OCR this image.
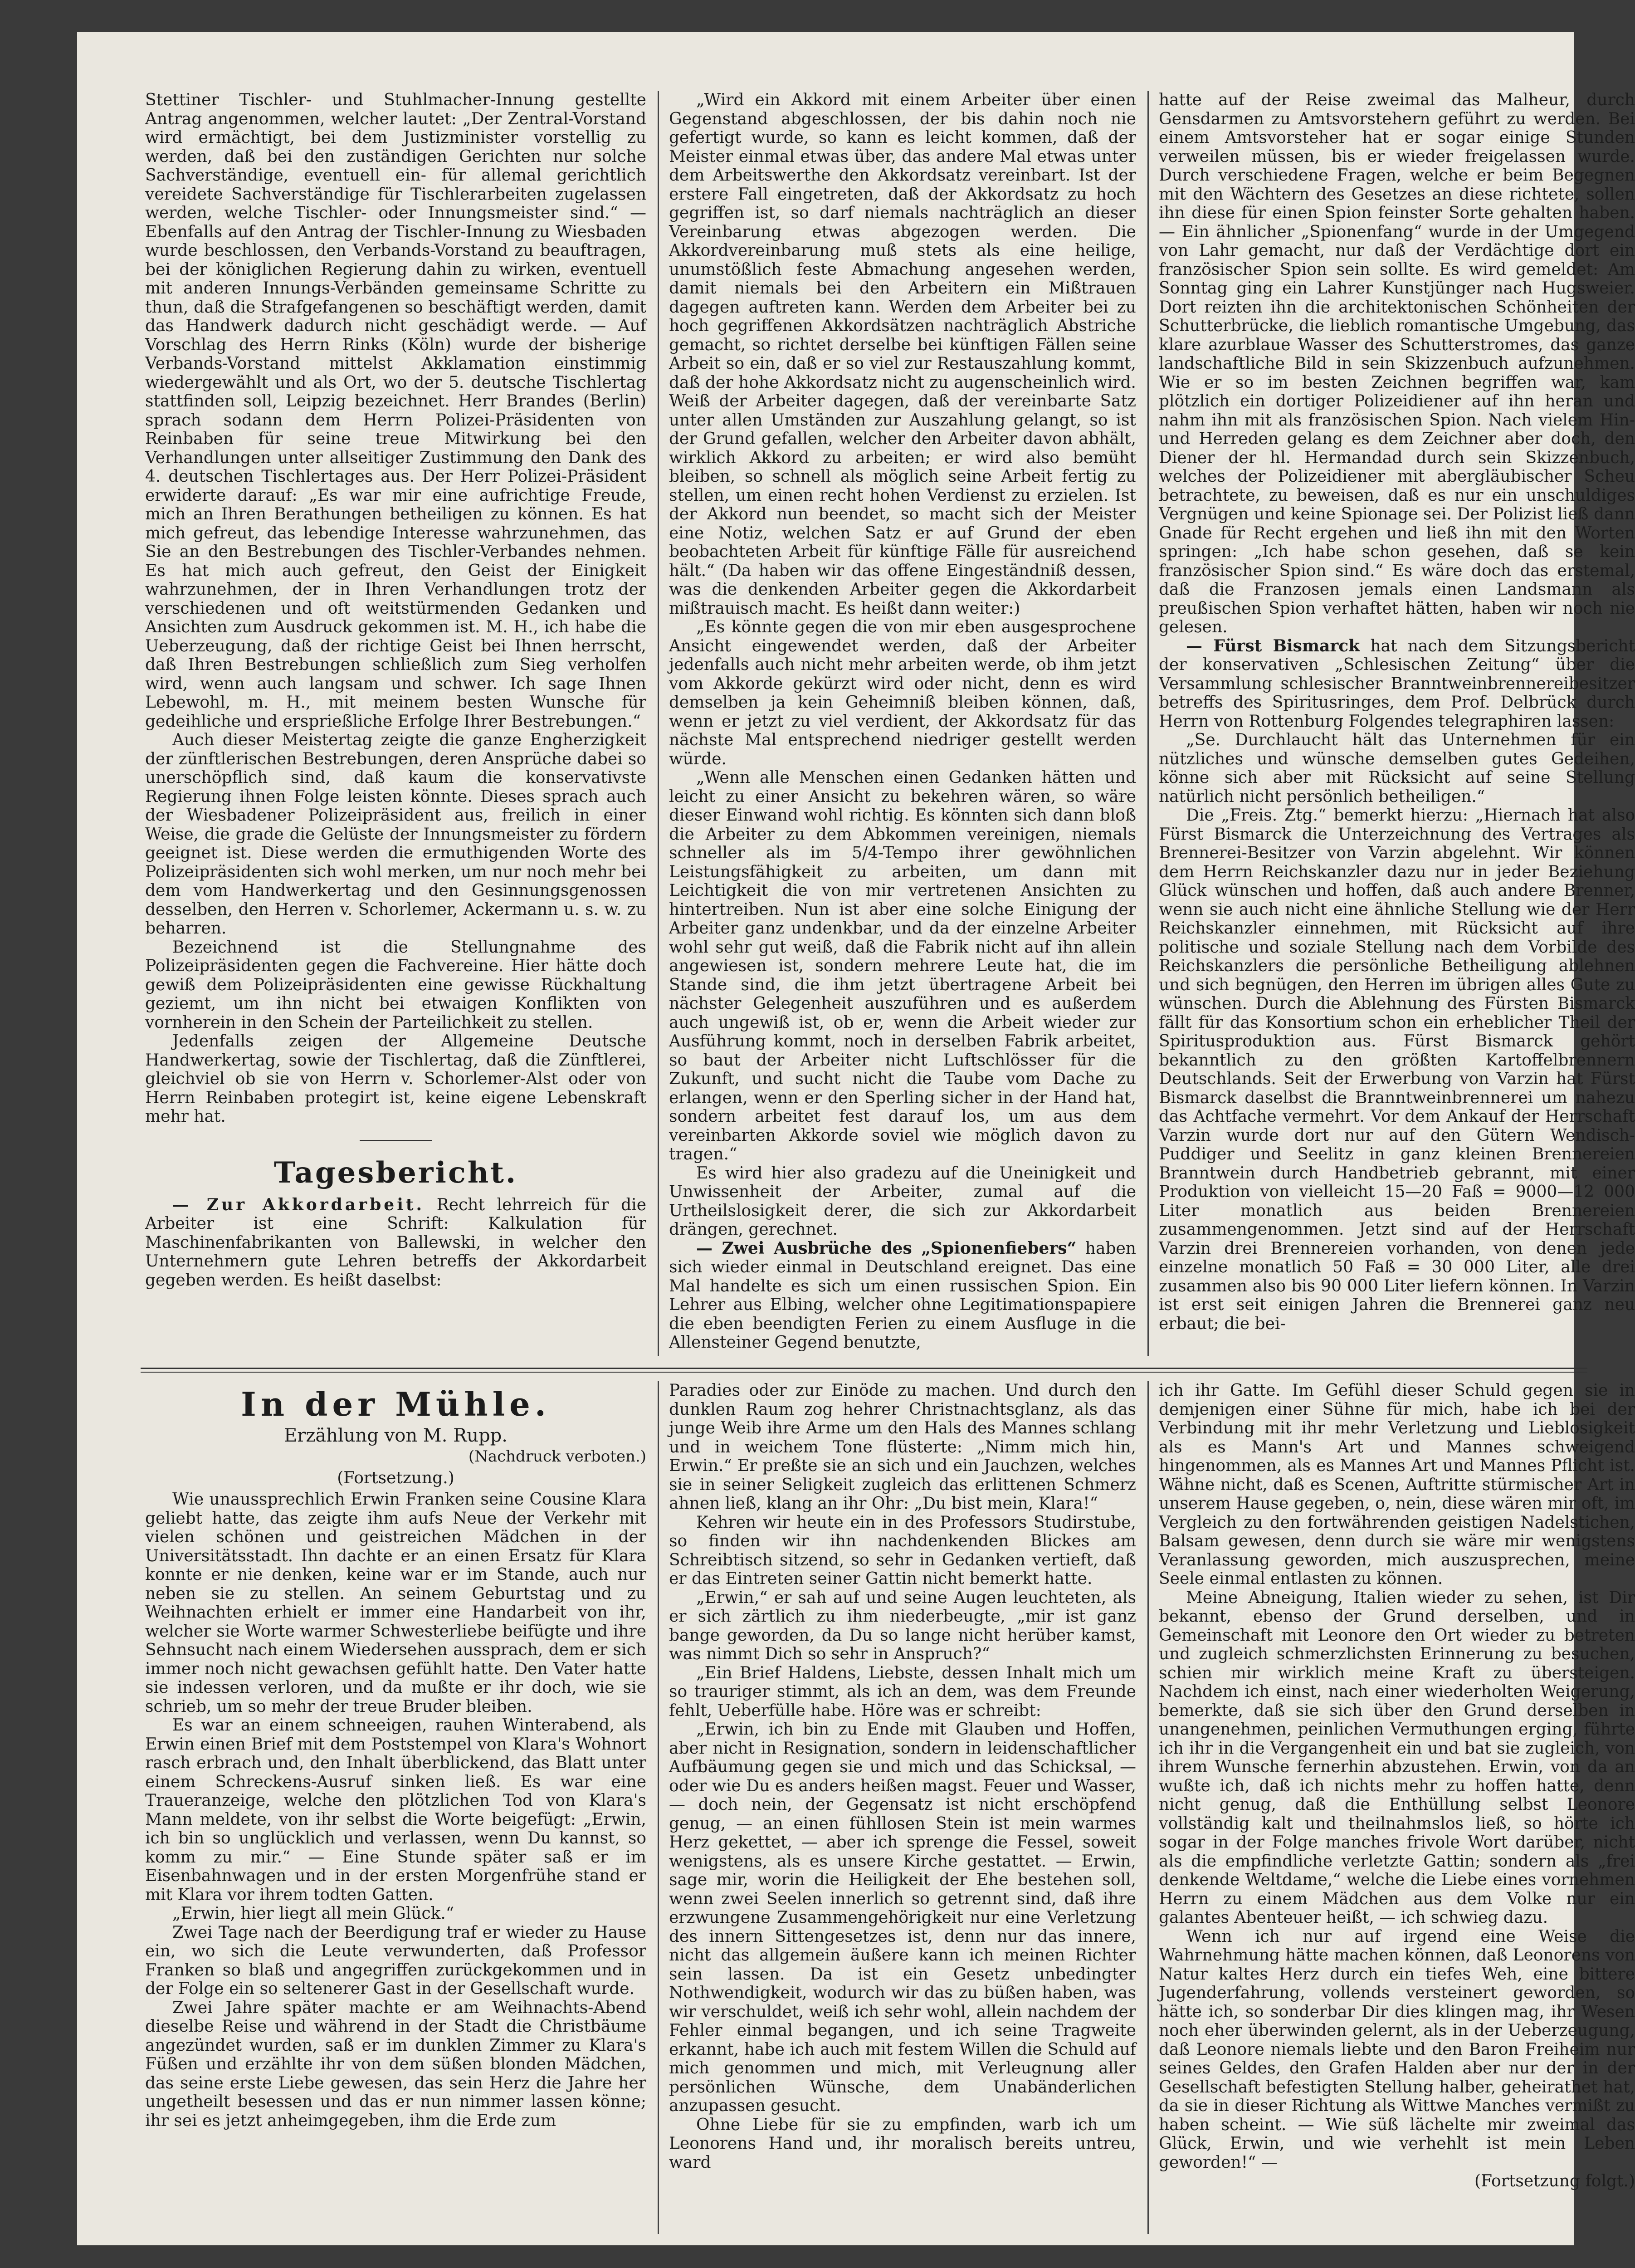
Stettiner Tischler- und Stuhlmacher-Innung gestellte Antrag angenommen, welcher lautet: „Der Zentral-Vorstand wird ermächtigt, bei dem Justizminister vorstellig zu werden, daß bei den zuständigen Gerichten nur solche Sachverständige, eventuell ein- für allemal gerichtlich vereidete Sachverständige für Tischlerarbeiten zugelassen werden, welche Tischler- oder Innungsmeister sind.“ — Ebenfalls auf den Antrag der Tischler-Innung zu Wiesbaden wurde beschlossen, den Verbands-Vorstand zu beauftragen, bei der königlichen Regierung dahin zu wirken, eventuell mit anderen Innungs-Verbänden gemeinsame Schritte zu thun, daß die Strafgefangenen so beschäftigt werden, damit das Handwerk dadurch nicht geschädigt werde. — Auf Vorschlag des Herrn Rinks (Köln) wurde der bisherige Verbands-Vorstand mittelst Akklamation einstimmig wiedergewählt und als Ort, wo der 5. deutsche Tischlertag stattfinden soll, Leipzig bezeichnet. Herr Brandes (Berlin) sprach sodann dem Herrn Polizei-Präsidenten von Reinbaben für seine treue Mitwirkung bei den Verhandlungen unter allseitiger Zustimmung den Dank des 4. deutschen Tischlertages aus. Der Herr Polizei-Präsident erwiderte darauf: „Es war mir eine aufrichtige Freude, mich an Ihren Berathungen betheiligen zu können. Es hat mich gefreut, das lebendige Interesse wahrzunehmen, das Sie an den Bestrebungen des Tischler-Verbandes nehmen. Es hat mich auch gefreut, den Geist der Einigkeit wahrzunehmen, der in Ihren Verhandlungen trotz der verschiedenen und oft weitstürmenden Gedanken und Ansichten zum Ausdruck gekommen ist. M. H., ich habe die Ueberzeugung, daß der richtige Geist bei Ihnen herrscht, daß Ihren Bestrebungen schließlich zum Sieg verholfen wird, wenn auch langsam und schwer. Ich sage Ihnen Lebewohl, m. H., mit meinem besten Wunsche für gedeihliche und ersprießliche Erfolge Ihrer Bestrebungen.“

Auch dieser Meistertag zeigte die ganze Engherzigkeit der zünftlerischen Bestrebungen, deren Ansprüche dabei so unerschöpflich sind, daß kaum die konservativste Regierung ihnen Folge leisten könnte. Dieses sprach auch der Wiesbadener Polizeipräsident aus, freilich in einer Weise, die grade die Gelüste der Innungsmeister zu fördern geeignet ist. Diese werden die ermuthigenden Worte des Polizeipräsidenten sich wohl merken, um nur noch mehr bei dem vom Handwerkertag und den Gesinnungsgenossen desselben, den Herren v. Schorlemer, Ackermann u. s. w. zu beharren.

Bezeichnend ist die Stellungnahme des Polizeipräsidenten gegen die Fachvereine. Hier hätte doch gewiß dem Polizeipräsidenten eine gewisse Rückhaltung geziemt, um ihn nicht bei etwaigen Konflikten von vornherein in den Schein der Parteilichkeit zu stellen.

Jedenfalls zeigen der Allgemeine Deutsche Handwerkertag, sowie der Tischlertag, daß die Zünftlerei, gleichviel ob sie von Herrn v. Schorlemer-Alst oder von Herrn Reinbaben protegirt ist, keine eigene Lebenskraft mehr hat.

Tagesbericht.

— Zur Akkordarbeit. Recht lehrreich für die Arbeiter ist eine Schrift: Kalkulation für Maschinenfabrikanten von Ballewski, in welcher den Unternehmern gute Lehren betreffs der Akkordarbeit gegeben werden. Es heißt daselbst:

„Wird ein Akkord mit einem Arbeiter über einen Gegenstand abgeschlossen, der bis dahin noch nie gefertigt wurde, so kann es leicht kommen, daß der Meister einmal etwas über, das andere Mal etwas unter dem Arbeitswerthe den Akkordsatz vereinbart. Ist der erstere Fall eingetreten, daß der Akkordsatz zu hoch gegriffen ist, so darf niemals nachträglich an dieser Vereinbarung etwas abgezogen werden. Die Akkordvereinbarung muß stets als eine heilige, unumstößlich feste Abmachung angesehen werden, damit niemals bei den Arbeitern ein Mißtrauen dagegen auftreten kann. Werden dem Arbeiter bei zu hoch gegriffenen Akkordsätzen nachträglich Abstriche gemacht, so richtet derselbe bei künftigen Fällen seine Arbeit so ein, daß er so viel zur Restauszahlung kommt, daß der hohe Akkordsatz nicht zu augenscheinlich wird. Weiß der Arbeiter dagegen, daß der vereinbarte Satz unter allen Umständen zur Auszahlung gelangt, so ist der Grund gefallen, welcher den Arbeiter davon abhält, wirklich Akkord zu arbeiten; er wird also bemüht bleiben, so schnell als möglich seine Arbeit fertig zu stellen, um einen recht hohen Verdienst zu erzielen. Ist der Akkord nun beendet, so macht sich der Meister eine Notiz, welchen Satz er auf Grund der eben beobachteten Arbeit für künftige Fälle für ausreichend hält.“ (Da haben wir das offene Eingeständniß dessen, was die denkenden Arbeiter gegen die Akkordarbeit mißtrauisch macht. Es heißt dann weiter:)

„Es könnte gegen die von mir eben ausgesprochene Ansicht eingewendet werden, daß der Arbeiter jedenfalls auch nicht mehr arbeiten werde, ob ihm jetzt vom Akkorde gekürzt wird oder nicht, denn es wird demselben ja kein Geheimniß bleiben können, daß, wenn er jetzt zu viel verdient, der Akkordsatz für das nächste Mal entsprechend niedriger gestellt werden würde.

„Wenn alle Menschen einen Gedanken hätten und leicht zu einer Ansicht zu bekehren wären, so wäre dieser Einwand wohl richtig. Es könnten sich dann bloß die Arbeiter zu dem Abkommen vereinigen, niemals schneller als im 5/4-Tempo ihrer gewöhnlichen Leistungsfähigkeit zu arbeiten, um dann mit Leichtigkeit die von mir vertretenen Ansichten zu hintertreiben. Nun ist aber eine solche Einigung der Arbeiter ganz undenkbar, und da der einzelne Arbeiter wohl sehr gut weiß, daß die Fabrik nicht auf ihn allein angewiesen ist, sondern mehrere Leute hat, die im Stande sind, die ihm jetzt übertragene Arbeit bei nächster Gelegenheit auszuführen und es außerdem auch ungewiß ist, ob er, wenn die Arbeit wieder zur Ausführung kommt, noch in derselben Fabrik arbeitet, so baut der Arbeiter nicht Luftschlösser für die Zukunft, und sucht nicht die Taube vom Dache zu erlangen, wenn er den Sperling sicher in der Hand hat, sondern arbeitet fest darauf los, um aus dem vereinbarten Akkorde soviel wie möglich davon zu tragen.“

Es wird hier also gradezu auf die Uneinigkeit und Unwissenheit der Arbeiter, zumal auf die Urtheilslosigkeit derer, die sich zur Akkordarbeit drängen, gerechnet.

— Zwei Ausbrüche des „Spionenfiebers“ haben sich wieder einmal in Deutschland ereignet. Das eine Mal handelte es sich um einen russischen Spion. Ein Lehrer aus Elbing, welcher ohne Legitimationspapiere die eben beendigten Ferien zu einem Ausfluge in die Allensteiner Gegend benutzte,

hatte auf der Reise zweimal das Malheur, durch Gensdarmen zu Amtsvorstehern geführt zu werden. Bei einem Amtsvorsteher hat er sogar einige Stunden verweilen müssen, bis er wieder freigelassen wurde. Durch verschiedene Fragen, welche er beim Begegnen mit den Wächtern des Gesetzes an diese richtete, sollen ihn diese für einen Spion feinster Sorte gehalten haben. — Ein ähnlicher „Spionenfang“ wurde in der Umgegend von Lahr gemacht, nur daß der Verdächtige dort ein französischer Spion sein sollte. Es wird gemeldet: Am Sonntag ging ein Lahrer Kunstjünger nach Hugsweier. Dort reizten ihn die architektonischen Schönheiten der Schutterbrücke, die lieblich romantische Umgebung, das klare azurblaue Wasser des Schutterstromes, das ganze landschaftliche Bild in sein Skizzenbuch aufzunehmen. Wie er so im besten Zeichnen begriffen war, kam plötzlich ein dortiger Polizeidiener auf ihn heran und nahm ihn mit als französischen Spion. Nach vielem Hin- und Herreden gelang es dem Zeichner aber doch, den Diener der hl. Hermandad durch sein Skizzenbuch, welches der Polizeidiener mit abergläubischer Scheu betrachtete, zu beweisen, daß es nur ein unschuldiges Vergnügen und keine Spionage sei. Der Polizist ließ dann Gnade für Recht ergehen und ließ ihn mit den Worten springen: „Ich habe schon gesehen, daß se kein französischer Spion sind.“ Es wäre doch das erstemal, daß die Franzosen jemals einen Landsmann als preußischen Spion verhaftet hätten, haben wir noch nie gelesen.

— Fürst Bismarck hat nach dem Sitzungsbericht der konservativen „Schlesischen Zeitung“ über die Versammlung schlesischer Branntweinbrennereibesitzer betreffs des Spiritusringes, dem Prof. Delbrück durch Herrn von Rottenburg Folgendes telegraphiren lassen:

„Se. Durchlaucht hält das Unternehmen für ein nützliches und wünsche demselben gutes Gedeihen, könne sich aber mit Rücksicht auf seine Stellung natürlich nicht persönlich betheiligen.“

Die „Freis. Ztg.“ bemerkt hierzu: „Hiernach hat also Fürst Bismarck die Unterzeichnung des Vertrages als Brennerei-Besitzer von Varzin abgelehnt. Wir können dem Herrn Reichskanzler dazu nur in jeder Beziehung Glück wünschen und hoffen, daß auch andere Brenner, wenn sie auch nicht eine ähnliche Stellung wie der Herr Reichskanzler einnehmen, mit Rücksicht auf ihre politische und soziale Stellung nach dem Vorbilde des Reichskanzlers die persönliche Betheiligung ablehnen und sich begnügen, den Herren im übrigen alles Gute zu wünschen. Durch die Ablehnung des Fürsten Bismarck fällt für das Konsortium schon ein erheblicher Theil der Spiritusproduktion aus. Fürst Bismarck gehört bekanntlich zu den größten Kartoffelbrennern Deutschlands. Seit der Erwerbung von Varzin hat Fürst Bismarck daselbst die Branntweinbrennerei um nahezu das Achtfache vermehrt. Vor dem Ankauf der Herrschaft Varzin wurde dort nur auf den Gütern Wendisch-Puddiger und Seelitz in ganz kleinen Brennereien Branntwein durch Handbetrieb gebrannt, mit einer Produktion von vielleicht 15—20 Faß = 9000—12 000 Liter monatlich aus beiden Brennereien zusammengenommen. Jetzt sind auf der Herrschaft Varzin drei Brennereien vorhanden, von denen jede einzelne monatlich 50 Faß = 30 000 Liter, alle drei zusammen also bis 90 000 Liter liefern können. In Varzin ist erst seit einigen Jahren die Brennerei ganz neu erbaut; die bei-

In der Mühle.
Erzählung von M. Rupp.
(Nachdruck verboten.)
(Fortsetzung.)

Wie unaussprechlich Erwin Franken seine Cousine Klara geliebt hatte, das zeigte ihm aufs Neue der Verkehr mit vielen schönen und geistreichen Mädchen in der Universitätsstadt. Ihn dachte er an einen Ersatz für Klara konnte er nie denken, keine war er im Stande, auch nur neben sie zu stellen. An seinem Geburtstag und zu Weihnachten erhielt er immer eine Handarbeit von ihr, welcher sie Worte warmer Schwesterliebe beifügte und ihre Sehnsucht nach einem Wiedersehen aussprach, dem er sich immer noch nicht gewachsen gefühlt hatte. Den Vater hatte sie indessen verloren, und da mußte er ihr doch, wie sie schrieb, um so mehr der treue Bruder bleiben.

Es war an einem schneeigen, rauhen Winterabend, als Erwin einen Brief mit dem Poststempel von Klara's Wohnort rasch erbrach und, den Inhalt überblickend, das Blatt unter einem Schreckens-Ausruf sinken ließ. Es war eine Traueranzeige, welche den plötzlichen Tod von Klara's Mann meldete, von ihr selbst die Worte beigefügt: „Erwin, ich bin so unglücklich und verlassen, wenn Du kannst, so komm zu mir.“ — Eine Stunde später saß er im Eisenbahnwagen und in der ersten Morgenfrühe stand er mit Klara vor ihrem todten Gatten.

„Erwin, hier liegt all mein Glück.“

Zwei Tage nach der Beerdigung traf er wieder zu Hause ein, wo sich die Leute verwunderten, daß Professor Franken so blaß und angegriffen zurückgekommen und in der Folge ein so seltenerer Gast in der Gesellschaft wurde.

Zwei Jahre später machte er am Weihnachts-Abend dieselbe Reise und während in der Stadt die Christbäume angezündet wurden, saß er im dunklen Zimmer zu Klara's Füßen und erzählte ihr von dem süßen blonden Mädchen, das seine erste Liebe gewesen, das sein Herz die Jahre her ungetheilt besessen und das er nun nimmer lassen könne; ihr sei es jetzt anheimgegeben, ihm die Erde zum

Paradies oder zur Einöde zu machen. Und durch den dunklen Raum zog hehrer Christnachtsglanz, als das junge Weib ihre Arme um den Hals des Mannes schlang und in weichem Tone flüsterte: „Nimm mich hin, Erwin.“ Er preßte sie an sich und ein Jauchzen, welches sie in seiner Seligkeit zugleich das erlittenen Schmerz ahnen ließ, klang an ihr Ohr: „Du bist mein, Klara!“

Kehren wir heute ein in des Professors Studirstube, so finden wir ihn nachdenkenden Blickes am Schreibtisch sitzend, so sehr in Gedanken vertieft, daß er das Eintreten seiner Gattin nicht bemerkt hatte.

„Erwin,“ er sah auf und seine Augen leuchteten, als er sich zärtlich zu ihm niederbeugte, „mir ist ganz bange geworden, da Du so lange nicht herüber kamst, was nimmt Dich so sehr in Anspruch?“

„Ein Brief Haldens, Liebste, dessen Inhalt mich um so trauriger stimmt, als ich an dem, was dem Freunde fehlt, Ueberfülle habe. Höre was er schreibt:

„Erwin, ich bin zu Ende mit Glauben und Hoffen, aber nicht in Resignation, sondern in leidenschaftlicher Aufbäumung gegen sie und mich und das Schicksal, — oder wie Du es anders heißen magst. Feuer und Wasser, — doch nein, der Gegensatz ist nicht erschöpfend genug, — an einen fühllosen Stein ist mein warmes Herz gekettet, — aber ich sprenge die Fessel, soweit wenigstens, als es unsere Kirche gestattet. — Erwin, sage mir, worin die Heiligkeit der Ehe bestehen soll, wenn zwei Seelen innerlich so getrennt sind, daß ihre erzwungene Zusammengehörigkeit nur eine Verletzung des innern Sittengesetzes ist, denn nur das innere, nicht das allgemein äußere kann ich meinen Richter sein lassen. Da ist ein Gesetz unbedingter Nothwendigkeit, wodurch wir das zu büßen haben, was wir verschuldet, weiß ich sehr wohl, allein nachdem der Fehler einmal begangen, und ich seine Tragweite erkannt, habe ich auch mit festem Willen die Schuld auf mich genommen und mich, mit Verleugnung aller persönlichen Wünsche, dem Unabänderlichen anzupassen gesucht.

Ohne Liebe für sie zu empfinden, warb ich um Leonorens Hand und, ihr moralisch bereits untreu, ward

ich ihr Gatte. Im Gefühl dieser Schuld gegen sie in demjenigen einer Sühne für mich, habe ich bei der Verbindung mit ihr mehr Verletzung und Lieblosigkeit als es Mann's Art und Mannes schweigend hingenommen, als es Mannes Art und Mannes Pflicht ist. Wähne nicht, daß es Scenen, Auftritte stürmischer Art in unserem Hause gegeben, o, nein, diese wären mir oft, im Vergleich zu den fortwährenden geistigen Nadelstichen, Balsam gewesen, denn durch sie wäre mir wenigstens Veranlassung geworden, mich auszusprechen, meine Seele einmal entlasten zu können.

Meine Abneigung, Italien wieder zu sehen, ist Dir bekannt, ebenso der Grund derselben, und in Gemeinschaft mit Leonore den Ort wieder zu betreten und zugleich schmerzlichsten Erinnerung zu besuchen, schien mir wirklich meine Kraft zu übersteigen. Nachdem ich einst, nach einer wiederholten Weigerung, bemerkte, daß sie sich über den Grund derselben in unangenehmen, peinlichen Vermuthungen erging, führte ich ihr in die Vergangenheit ein und bat sie zugleich, von ihrem Wunsche fernerhin abzustehen. Erwin, von da an wußte ich, daß ich nichts mehr zu hoffen hatte, denn nicht genug, daß die Enthüllung selbst Leonore vollständig kalt und theilnahmslos ließ, so hörte ich sogar in der Folge manches frivole Wort darüber, nicht als die empfindliche verletzte Gattin; sondern als „frei denkende Weltdame,“ welche die Liebe eines vornehmen Herrn zu einem Mädchen aus dem Volke nur ein galantes Abenteuer heißt, — ich schwieg dazu.

Wenn ich nur auf irgend eine Weise die Wahrnehmung hätte machen können, daß Leonorens von Natur kaltes Herz durch ein tiefes Weh, eine bittere Jugenderfahrung, vollends versteinert geworden, so hätte ich, so sonderbar Dir dies klingen mag, ihr Wesen noch eher überwinden gelernt, als in der Ueberzeugung, daß Leonore niemals liebte und den Baron Freiheim nur seines Geldes, den Grafen Halden aber nur der in der Gesellschaft befestigten Stellung halber, geheirathet hat, da sie in dieser Richtung als Wittwe Manches vermißt zu haben scheint. — Wie süß lächelte mir zweimal das Glück, Erwin, und wie verhehlt ist mein Leben geworden!“ —

(Fortsetzung folgt.)
